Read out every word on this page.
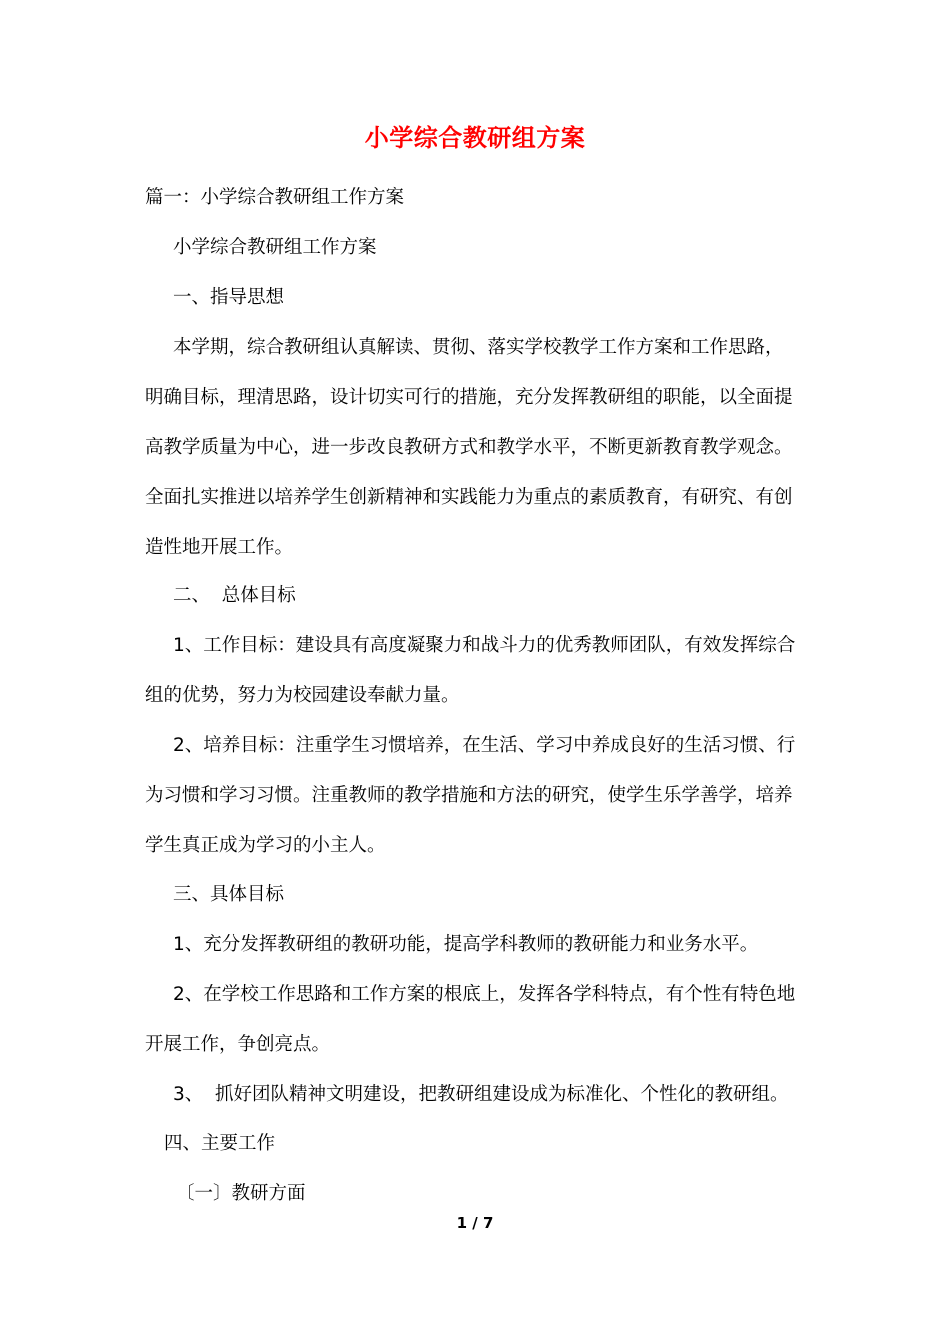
小学综合教研组方案
篇一：小学综合教研组工作方案
小学综合教研组工作方案
一、指导思想
本学期，综合教研组认真解读、贯彻、落实学校教学工作方案和工作思路，
明确目标，理清思路，设计切实可行的措施，充分发挥教研组的职能，以全面提
高教学质量为中心，进一步改良教研方式和教学水平，不断更新教育教学观念。
全面扎实推进以培养学生创新精神和实践能力为重点的素质教育，有研究、有创
造性地开展工作。
二、  总体目标
1、工作目标：建设具有高度凝聚力和战斗力的优秀教师团队，有效发挥综合
组的优势，努力为校园建设奉献力量。
2、培养目标：注重学生习惯培养，在生活、学习中养成良好的生活习惯、行
为习惯和学习习惯。注重教师的教学措施和方法的研究，使学生乐学善学，培养
学生真正成为学习的小主人。
三、具体目标
1、充分发挥教研组的教研功能，提高学科教师的教研能力和业务水平。
2、在学校工作思路和工作方案的根底上，发挥各学科特点，有个性有特色地
开展工作，争创亮点。
3、  抓好团队精神文明建设，把教研组建设成为标准化、个性化的教研组。
四、主要工作
〔一〕教研方面
1 / 7
